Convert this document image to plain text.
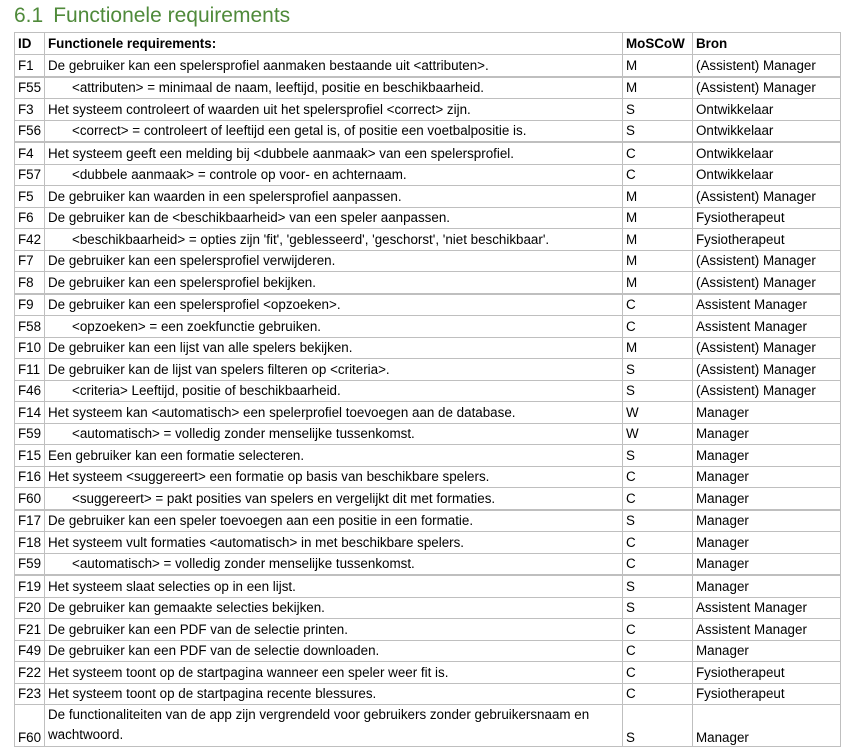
6.1 Functionele requirements
ID	Functionele requirements:	MoSCoW	Bron
F1	De gebruiker kan een spelersprofiel aanmaken bestaande uit <attributen>.	M	(Assistent) Manager
F55	<attributen> = minimaal de naam, leeftijd, positie en beschikbaarheid.	M	(Assistent) Manager
F3	Het systeem controleert of waarden uit het spelersprofiel <correct> zijn.	S	Ontwikkelaar
F56	<correct> = controleert of leeftijd een getal is, of positie een voetbalpositie is.	S	Ontwikkelaar
F4	Het systeem geeft een melding bij <dubbele aanmaak> van een spelersprofiel.	C	Ontwikkelaar
F57	<dubbele aanmaak> = controle op voor- en achternaam.	C	Ontwikkelaar
F5	De gebruiker kan waarden in een spelersprofiel aanpassen.	M	(Assistent) Manager
F6	De gebruiker kan de <beschikbaarheid> van een speler aanpassen.	M	Fysiotherapeut
F42	<beschikbaarheid> = opties zijn 'fit', 'geblesseerd', 'geschorst', 'niet beschikbaar'.	M	Fysiotherapeut
F7	De gebruiker kan een spelersprofiel verwijderen.	M	(Assistent) Manager
F8	De gebruiker kan een spelersprofiel bekijken.	M	(Assistent) Manager
F9	De gebruiker kan een spelersprofiel <opzoeken>.	C	Assistent Manager
F58	<opzoeken> = een zoekfunctie gebruiken.	C	Assistent Manager
F10	De gebruiker kan een lijst van alle spelers bekijken.	M	(Assistent) Manager
F11	De gebruiker kan de lijst van spelers filteren op <criteria>.	S	(Assistent) Manager
F46	<criteria> Leeftijd, positie of beschikbaarheid.	S	(Assistent) Manager
F14	Het systeem kan <automatisch> een spelerprofiel toevoegen aan de database.	W	Manager
F59	<automatisch> = volledig zonder menselijke tussenkomst.	W	Manager
F15	Een gebruiker kan een formatie selecteren.	S	Manager
F16	Het systeem <suggereert> een formatie op basis van beschikbare spelers.	C	Manager
F60	<suggereert> = pakt posities van spelers en vergelijkt dit met formaties.	C	Manager
F17	De gebruiker kan een speler toevoegen aan een positie in een formatie.	S	Manager
F18	Het systeem vult formaties <automatisch> in met beschikbare spelers.	C	Manager
F59	<automatisch> = volledig zonder menselijke tussenkomst.	C	Manager
F19	Het systeem slaat selecties op in een lijst.	S	Manager
F20	De gebruiker kan gemaakte selecties bekijken.	S	Assistent Manager
F21	De gebruiker kan een PDF van de selectie printen.	C	Assistent Manager
F49	De gebruiker kan een PDF van de selectie downloaden.	C	Manager
F22	Het systeem toont op de startpagina wanneer een speler weer fit is.	C	Fysiotherapeut
F23	Het systeem toont op de startpagina recente blessures.	C	Fysiotherapeut
F60	De functionaliteiten van de app zijn vergrendeld voor gebruikers zonder gebruikersnaam en wachtwoord.	S	Manager
